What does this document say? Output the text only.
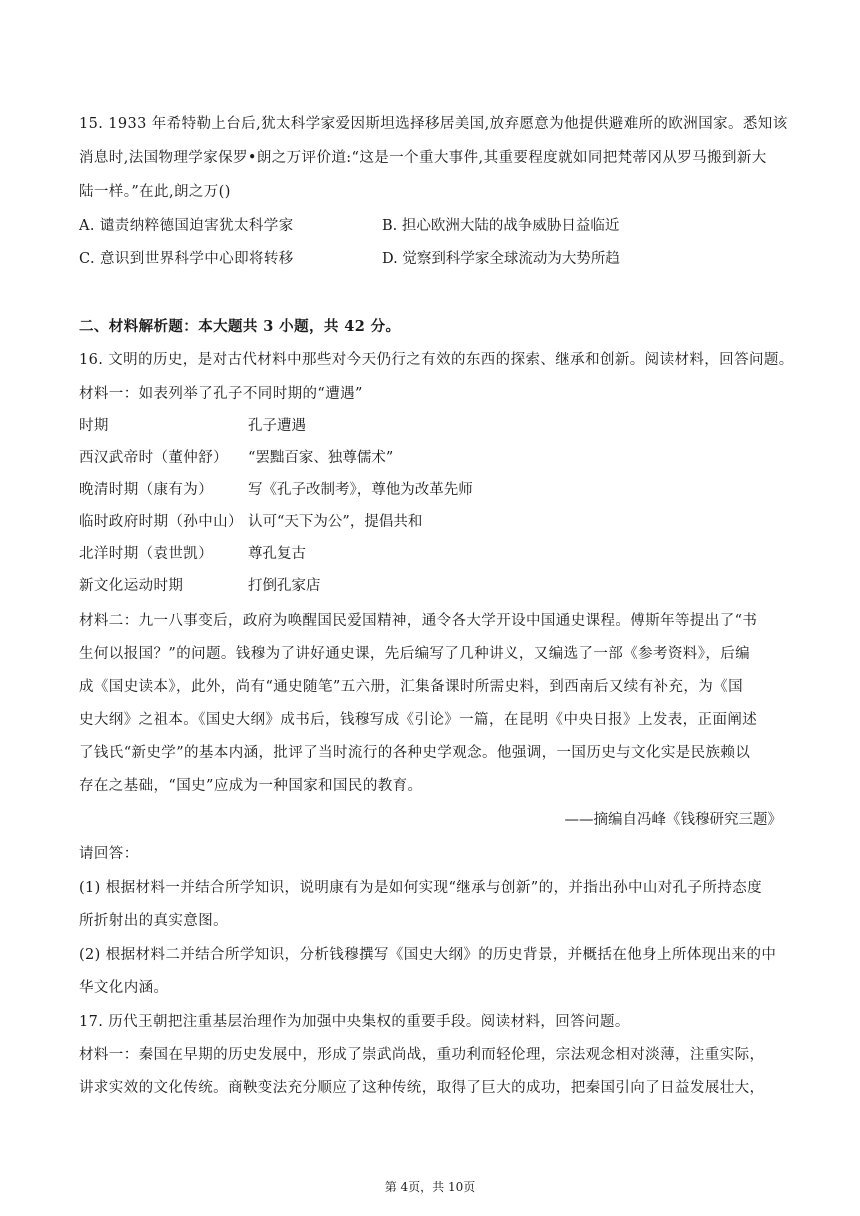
15. 1933 年希特勒上台后,犹太科学家爱因斯坦选择移居美国,放弃愿意为他提供避难所的欧洲国家。悉知该
消息时,法国物理学家保罗•朗之万评价道:“这是一个重大事件,其重要程度就如同把梵蒂冈从罗马搬到新大
陆一样。”在此,朗之万()
A. 谴责纳粹德国迫害犹太科学家	B. 担心欧洲大陆的战争威胁日益临近
C. 意识到世界科学中心即将转移	D. 觉察到科学家全球流动为大势所趋
二、材料解析题：本大题共 3 小题，共 42 分。
16. 文明的历史，是对古代材料中那些对今天仍行之有效的东西的探索、继承和创新。阅读材料，回答问题。
材料一：如表列举了孔子不同时期的“遭遇”
时期	孔子遭遇
西汉武帝时（董仲舒） “罢黜百家、独尊儒术”
晚清时期（康有为） 写《孔子改制考》，尊他为改革先师
临时政府时期（孙中山） 认可“天下为公”，提倡共和
北洋时期（袁世凯） 尊孔复古
新文化运动时期	打倒孔家店
材料二：九一八事变后，政府为唤醒国民爱国精神，通令各大学开设中国通史课程。傅斯年等提出了“书
生何以报国？”的问题。钱穆为了讲好通史课，先后编写了几种讲义，又编选了一部《参考资料》，后编
成《国史读本》，此外，尚有“通史随笔”五六册，汇集备课时所需史料，到西南后又续有补充，为《国
史大纲》之祖本。《国史大纲》成书后，钱穆写成《引论》一篇，在昆明《中央日报》上发表，正面阐述
了钱氏“新史学”的基本内涵，批评了当时流行的各种史学观念。他强调，一国历史与文化实是民族赖以
存在之基础，“国史”应成为一种国家和国民的教育。
——摘编自冯峰《钱穆研究三题》
请回答：
(1) 根据材料一并结合所学知识，说明康有为是如何实现“继承与创新”的，并指出孙中山对孔子所持态度
所折射出的真实意图。
(2) 根据材料二并结合所学知识，分析钱穆撰写《国史大纲》的历史背景，并概括在他身上所体现出来的中
华文化内涵。
17. 历代王朝把注重基层治理作为加强中央集权的重要手段。阅读材料，回答问题。
材料一：秦国在早期的历史发展中，形成了崇武尚战，重功利而轻伦理，宗法观念相对淡薄，注重实际，
讲求实效的文化传统。商鞅变法充分顺应了这种传统，取得了巨大的成功，把秦国引向了日益发展壮大，
第 4页，共 10页
